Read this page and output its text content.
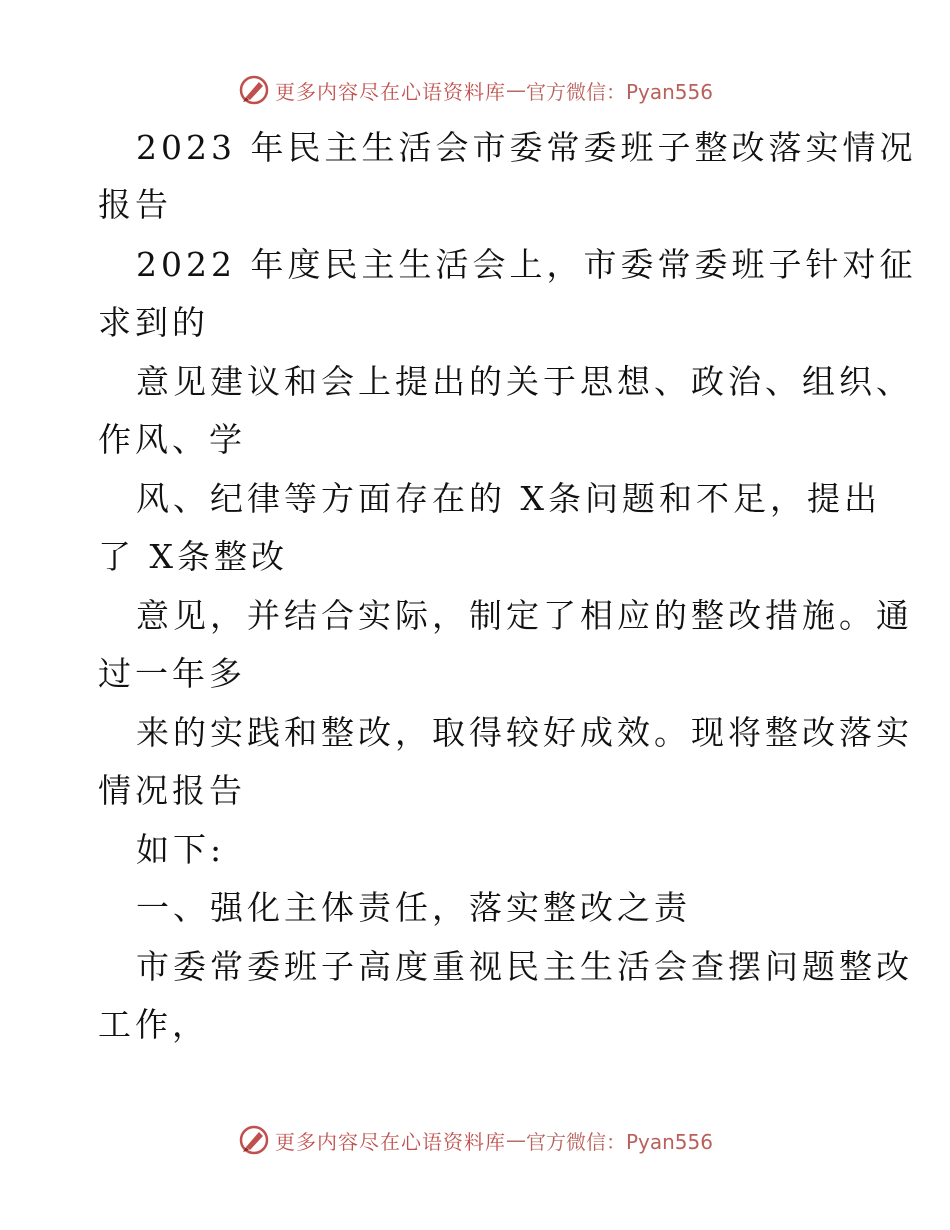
更多内容尽在心语资料库 — 官方微信：Pyan556
2023 年民主生活会市委常委班子整改落实情况
报告
2022 年度民主生活会上，市委常委班子针对征
求到的
意见建议和会上提出的关于思想、政治、组织、
作风、学
风、纪律等方面存在的 X条问题和不足，提出
了 X条整改
意见，并结合实际，制定了相应的整改措施。通
过一年多
来的实践和整改，取得较好成效。现将整改落实
情况报告
如下:
一、强化主体责任，落实整改之责
市委常委班子高度重视民主生活会查摆问题整改
工作，
更多内容尽在心语资料库 — 官方微信：Pyan556
